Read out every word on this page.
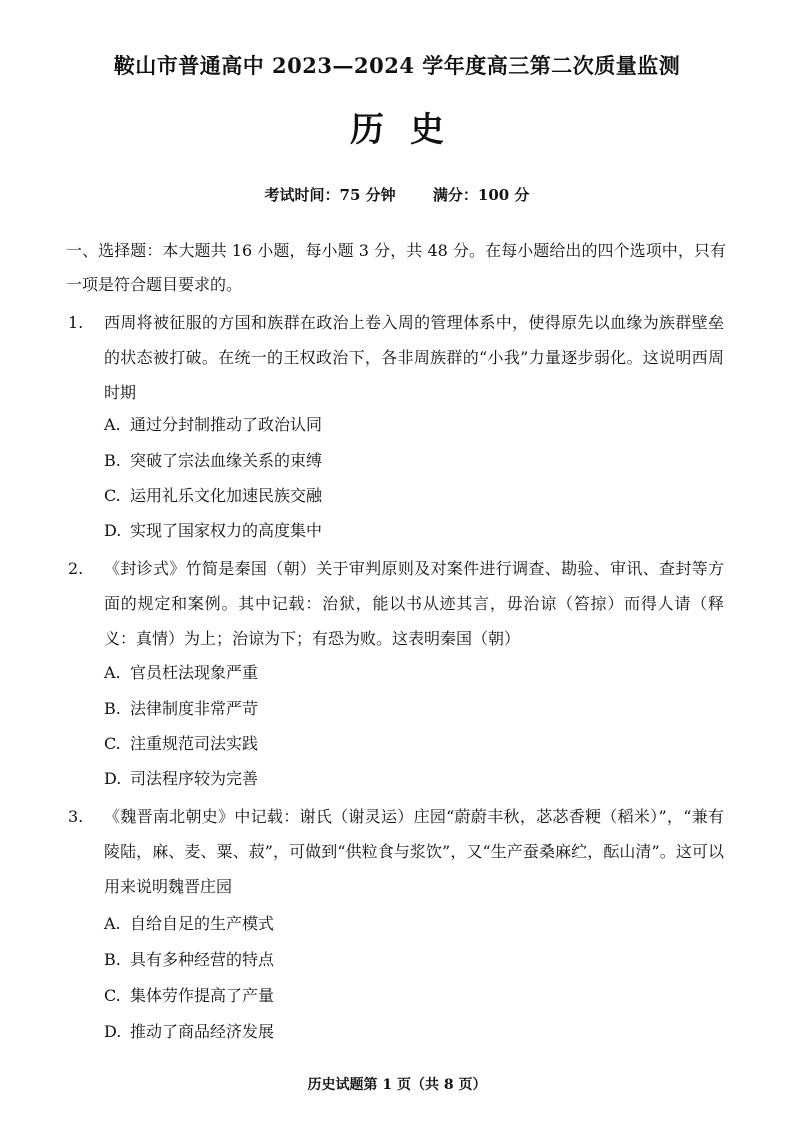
鞍山市普通高中 2023—2024 学年度高三第二次质量监测
历史
考试时间：75 分钟 满分：100 分
一、选择题：本大题共 16 小题，每小题 3 分，共 48 分。在每小题给出的四个选项中，只有一项是符合题目要求的。
1.	西周将被征服的方国和族群在政治上卷入周的管理体系中，使得原先以血缘为族群壁垒的状态被打破。在统一的王权政治下，各非周族群的“小我”力量逐步弱化。这说明西周时期
A. 通过分封制推动了政治认同
B. 突破了宗法血缘关系的束缚
C. 运用礼乐文化加速民族交融
D. 实现了国家权力的高度集中
2.	《封诊式》竹简是秦国（朝）关于审判原则及对案件进行调查、勘验、审讯、查封等方面的规定和案例。其中记载：治狱，能以书从迹其言，毋治谅（笞掠）而得人请（释义：真情）为上；治谅为下；有恐为败。这表明秦国（朝）
A. 官员枉法现象严重
B. 法律制度非常严苛
C. 注重规范司法实践
D. 司法程序较为完善
3.	《魏晋南北朝史》中记载：谢氏（谢灵运）庄园“蔚蔚丰秋，苾苾香粳（稻米）”，“兼有陵陆，麻、麦、粟、菽”，可做到“供粒食与浆饮”，又“生产蚕桑麻纻，酝山清”。这可以用来说明魏晋庄园
A. 自给自足的生产模式
B. 具有多种经营的特点
C. 集体劳作提高了产量
D. 推动了商品经济发展
历史试题第 1 页（共 8 页）
